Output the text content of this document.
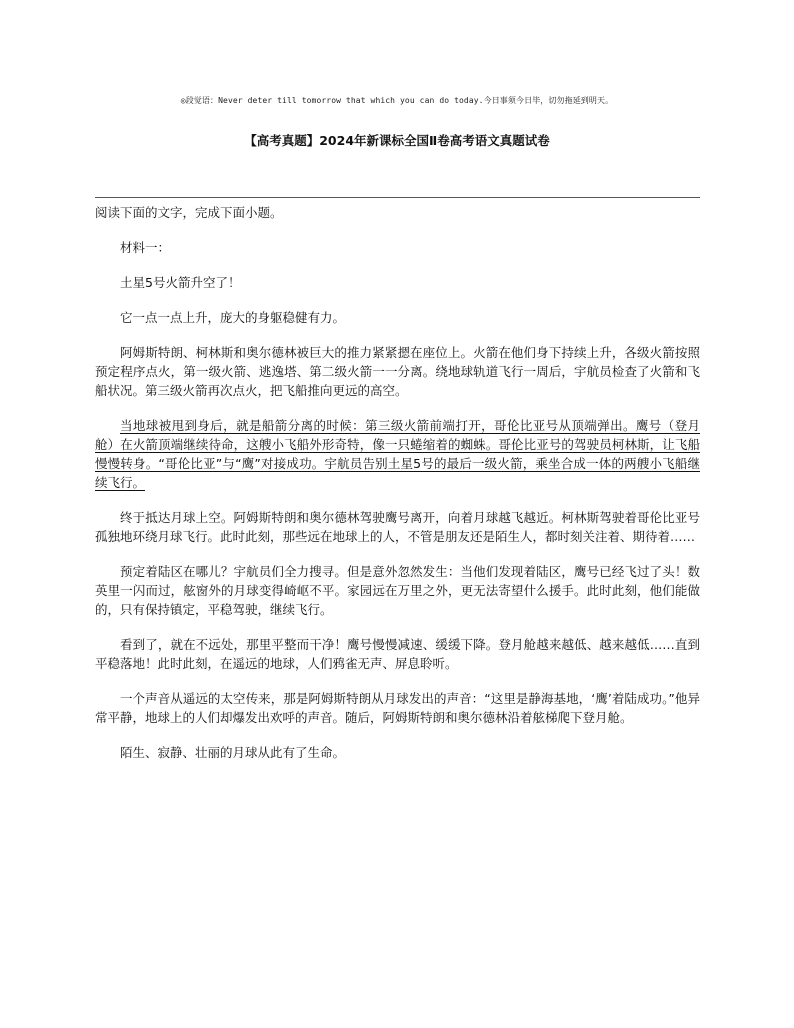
◎段觉语：Never deter till tomorrow that which you can do today.今日事须今日毕，切勿拖延到明天。
【高考真题】2024年新课标全国Ⅱ卷高考语文真题试卷

阅读下面的文字，完成下面小题。

材料一：

土星5号火箭升空了！

它一点一点上升，庞大的身躯稳健有力。

阿姆斯特朗、柯林斯和奥尔德林被巨大的推力紧紧摁在座位上。火箭在他们身下持续上升，各级火箭按照预定程序点火，第一级火箭、逃逸塔、第二级火箭一一分离。绕地球轨道飞行一周后，宇航员检查了火箭和飞船状况。第三级火箭再次点火，把飞船推向更远的高空。

当地球被甩到身后，就是船箭分离的时候：第三级火箭前端打开，哥伦比亚号从顶端弹出。鹰号（登月舱）在火箭顶端继续待命，这艘小飞船外形奇特，像一只蜷缩着的蜘蛛。哥伦比亚号的驾驶员柯林斯，让飞船慢慢转身。“哥伦比亚”与“鹰”对接成功。宇航员告别土星5号的最后一级火箭，乘坐合成一体的两艘小飞船继续飞行。

终于抵达月球上空。阿姆斯特朗和奥尔德林驾驶鹰号离开，向着月球越飞越近。柯林斯驾驶着哥伦比亚号孤独地环绕月球飞行。此时此刻，那些远在地球上的人，不管是朋友还是陌生人，都时刻关注着、期待着……

预定着陆区在哪儿？宇航员们全力搜寻。但是意外忽然发生：当他们发现着陆区，鹰号已经飞过了头！数英里一闪而过，舷窗外的月球变得崎岖不平。家园远在万里之外，更无法寄望什么援手。此时此刻，他们能做的，只有保持镇定，平稳驾驶，继续飞行。

看到了，就在不远处，那里平整而干净！鹰号慢慢减速、缓缓下降。登月舱越来越低、越来越低……直到平稳落地！此时此刻，在遥远的地球，人们鸦雀无声、屏息聆听。

一个声音从遥远的太空传来，那是阿姆斯特朗从月球发出的声音：“这里是静海基地，‘鹰’着陆成功。”他异常平静，地球上的人们却爆发出欢呼的声音。随后，阿姆斯特朗和奥尔德林沿着舷梯爬下登月舱。

陌生、寂静、壮丽的月球从此有了生命。
